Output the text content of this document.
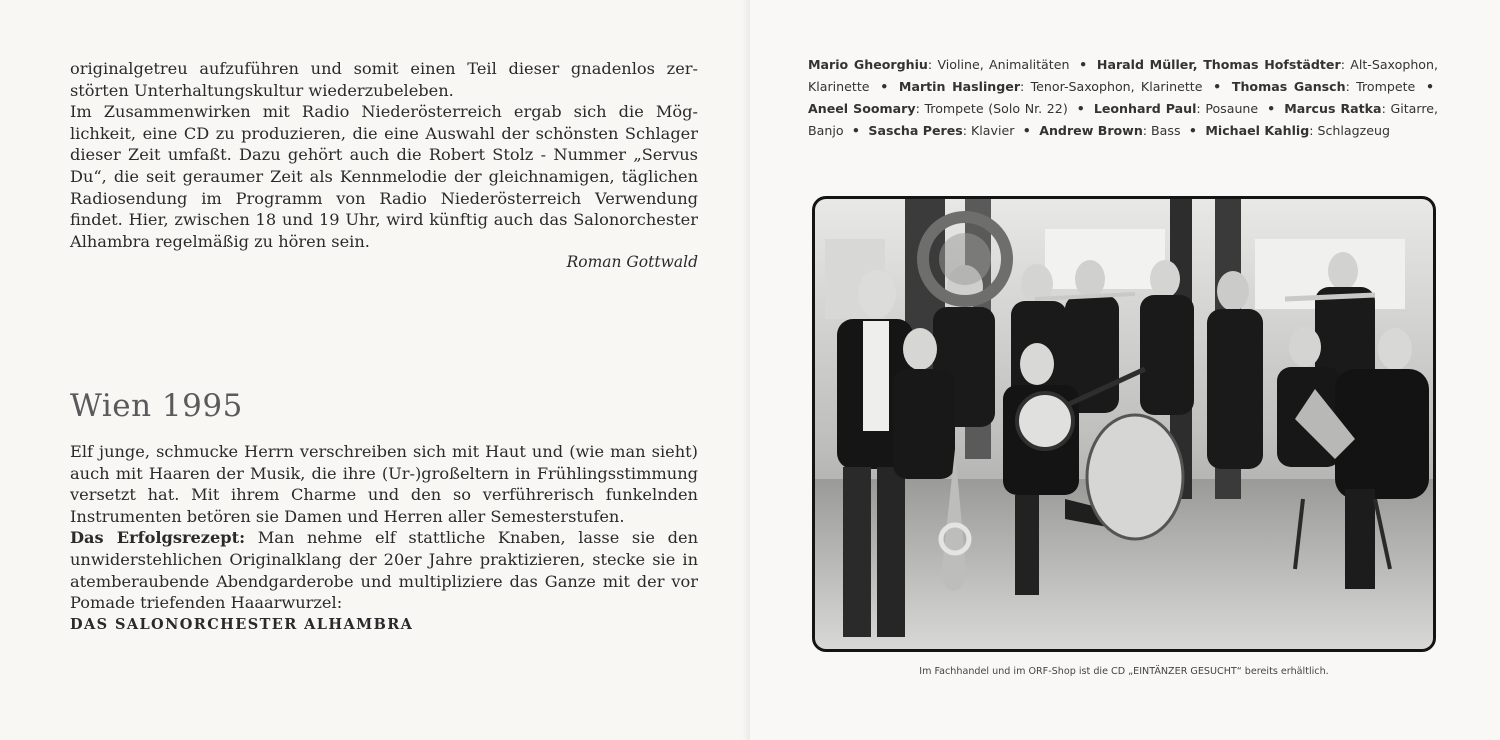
originalgetreu aufzuführen und somit einen Teil dieser gnadenlos zerstörten Unterhaltungskultur wiederzubeleben.

Im Zusammenwirken mit Radio Niederösterreich ergab sich die Möglichkeit, eine CD zu produzieren, die eine Auswahl der schönsten Schlager dieser Zeit umfaßt. Dazu gehört auch die Robert Stolz - Nummer „Servus Du“, die seit geraumer Zeit als Kennmelodie der gleichnamigen, täglichen Radiosendung im Programm von Radio Niederösterreich Verwendung findet. Hier, zwischen 18 und 19 Uhr, wird künftig auch das Salonorchester Alhambra regelmäßig zu hören sein.

Roman Gottwald

Wien 1995

Elf junge, schmucke Herrn verschreiben sich mit Haut und (wie man sieht) auch mit Haaren der Musik, die ihre (Ur-)großeltern in Frühlingsstimmung versetzt hat. Mit ihrem Charme und den so verführerisch funkelnden Instrumenten betören sie Damen und Herren aller Semesterstufen.

Das Erfolgsrezept: Man nehme elf stattliche Knaben, lasse sie den unwiderstehlichen Originalklang der 20er Jahre praktizieren, stecke sie in atemberaubende Abendgarderobe und multipliziere das Ganze mit der vor Pomade triefenden Haaarwurzel:

DAS SALONORCHESTER ALHAMBRA

Mario Gheorghiu: Violine, Animalitäten • Harald Müller, Thomas Hofstädter: Alt-Saxophon, Klarinette • Martin Haslinger: Tenor-Saxophon, Klarinette • Thomas Gansch: Trompete • Aneel Soomary: Trompete (Solo Nr. 22) • Leonhard Paul: Posaune • Marcus Ratka: Gitarre, Banjo • Sascha Peres: Klavier • Andrew Brown: Bass • Michael Kahlig: Schlagzeug

Im Fachhandel und im ORF-Shop ist die CD „EINTÄNZER GESUCHT“ bereits erhältlich.
